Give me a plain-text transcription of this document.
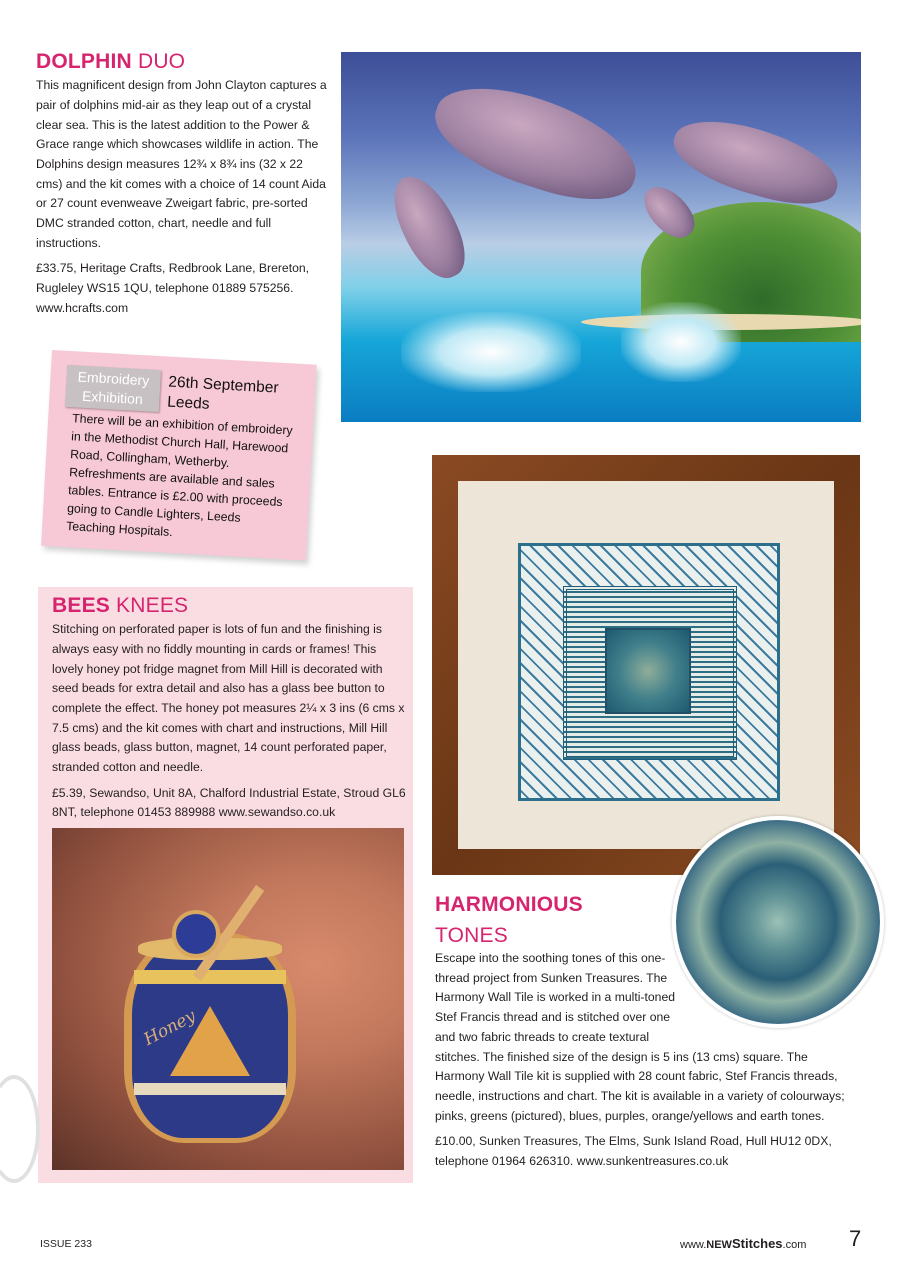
DOLPHIN DUO

This magnificent design from John Clayton captures a pair of dolphins mid-air as they leap out of a crystal clear sea. This is the latest addition to the Power & Grace range which showcases wildlife in action. The Dolphins design measures 12¾ x 8¾ ins (32 x 22 cms) and the kit comes with a choice of 14 count Aida or 27 count evenweave Zweigart fabric, pre-sorted DMC stranded cotton, chart, needle and full instructions.

£33.75, Heritage Crafts, Redbrook Lane, Brereton, Rugleley WS15 1QU, telephone 01889 575256. www.hcrafts.com

Embroidery Exhibition
26th September
Leeds
There will be an exhibition of embroidery in the Methodist Church Hall, Harewood Road, Collingham, Wetherby. Refreshments are available and sales tables. Entrance is £2.00 with proceeds going to Candle Lighters, Leeds Teaching Hospitals.
BEES KNEES

Stitching on perforated paper is lots of fun and the finishing is always easy with no fiddly mounting in cards or frames! This lovely honey pot fridge magnet from Mill Hill is decorated with seed beads for extra detail and also has a glass bee button to complete the effect. The honey pot measures 2¼ x 3 ins (6 cms x 7.5 cms) and the kit comes with chart and instructions, Mill Hill glass beads, glass button, magnet, 14 count perforated paper, stranded cotton and needle.

£5.39, Sewandso, Unit 8A, Chalford Industrial Estate, Stroud GL6 8NT, telephone 01453 889988 www.sewandso.co.uk

Honey
HARMONIOUS
TONES

Escape into the soothing tones of this one-thread project from Sunken Treasures. The Harmony Wall Tile is worked in a multi-toned Stef Francis thread and is stitched over one and two fabric threads to create textural stitches. The finished size of the design is 5 ins (13 cms) square. The Harmony Wall Tile kit is supplied with 28 count fabric, Stef Francis threads, needle, instructions and chart. The kit is available in a variety of colourways; pinks, greens (pictured), blues, purples, orange/yellows and earth tones.

£10.00, Sunken Treasures, The Elms, Sunk Island Road, Hull HU12 0DX, telephone 01964 626310. www.sunkentreasures.co.uk

ISSUE 233	www.NEWStitches.com 7
